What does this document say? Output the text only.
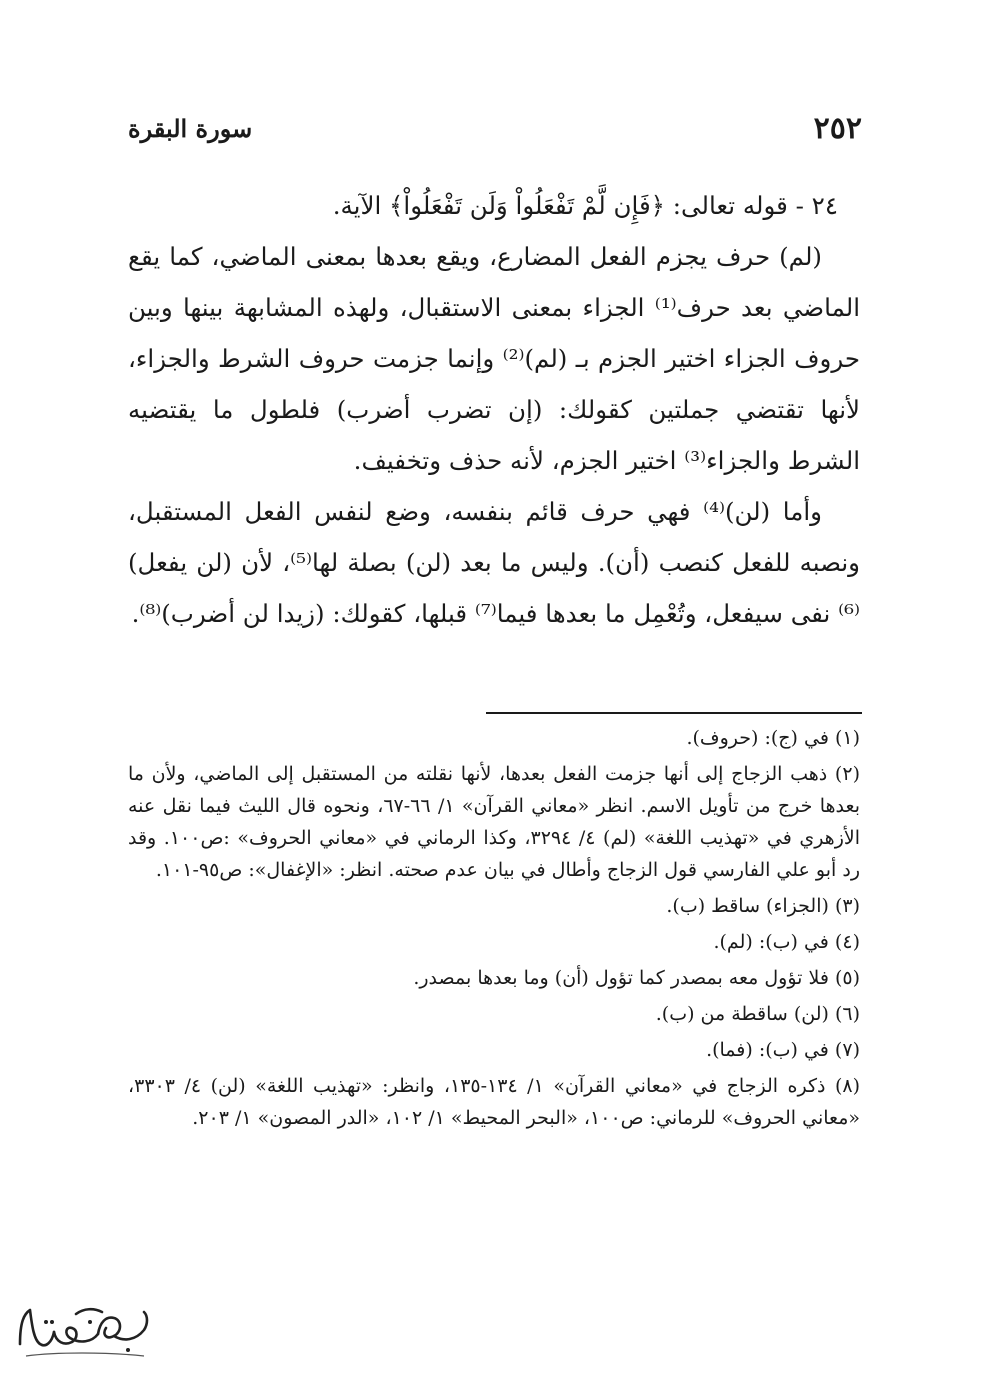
٢٥٢
سورة البقرة

٢٤ - قوله تعالى: ﴿فَإِن لَّمْ تَفْعَلُواْ وَلَن تَفْعَلُواْ﴾ الآية.

(لم) حرف يجزم الفعل المضارع، ويقع بعدها بمعنى الماضي، كما يقع الماضي بعد حرف⁽¹⁾ الجزاء بمعنى الاستقبال، ولهذه المشابهة بينها وبين حروف الجزاء اختير الجزم بـ (لم)⁽²⁾ وإنما جزمت حروف الشرط والجزاء، لأنها تقتضي جملتين كقولك: (إن تضرب أضرب) فلطول ما يقتضيه الشرط والجزاء⁽³⁾ اختير الجزم، لأنه حذف وتخفيف.

وأما (لن)⁽⁴⁾ فهي حرف قائم بنفسه، وضع لنفس الفعل المستقبل، ونصبه للفعل كنصب (أن). وليس ما بعد (لن) بصلة لها⁽⁵⁾، لأن (لن يفعل)⁽⁶⁾ نفى سيفعل، وتُعْمِل ما بعدها فيما⁽⁷⁾ قبلها، كقولك: (زيدا لن أضرب)⁽⁸⁾.

(١) في (ج): (حروف).

(٢) ذهب الزجاج إلى أنها جزمت الفعل بعدها، لأنها نقلته من المستقبل إلى الماضي، ولأن ما بعدها خرج من تأويل الاسم. انظر «معاني القرآن» ١/ ٦٦-٦٧، ونحوه قال الليث فيما نقل عنه الأزهري في «تهذيب اللغة» (لم) ٤/ ٣٢٩٤، وكذا الرماني في «معاني الحروف» :ص١٠٠. وقد رد أبو علي الفارسي قول الزجاج وأطال في بيان عدم صحته. انظر: «الإغفال»: ص٩٥-١٠١.

(٣) (الجزاء) ساقط (ب).

(٤) في (ب): (لم).

(٥) فلا تؤول معه بمصدر كما تؤول (أن) وما بعدها بمصدر.

(٦) (لن) ساقطة من (ب).

(٧) في (ب): (فما).

(٨) ذكره الزجاج في «معاني القرآن» ١/ ١٣٤-١٣٥، وانظر: «تهذيب اللغة» (لن) ٤/ ٣٣٠٣، «معاني الحروف» للرماني: ص١٠٠، «البحر المحيط» ١/ ١٠٢، «الدر المصون» ١/ ٢٠٣.
